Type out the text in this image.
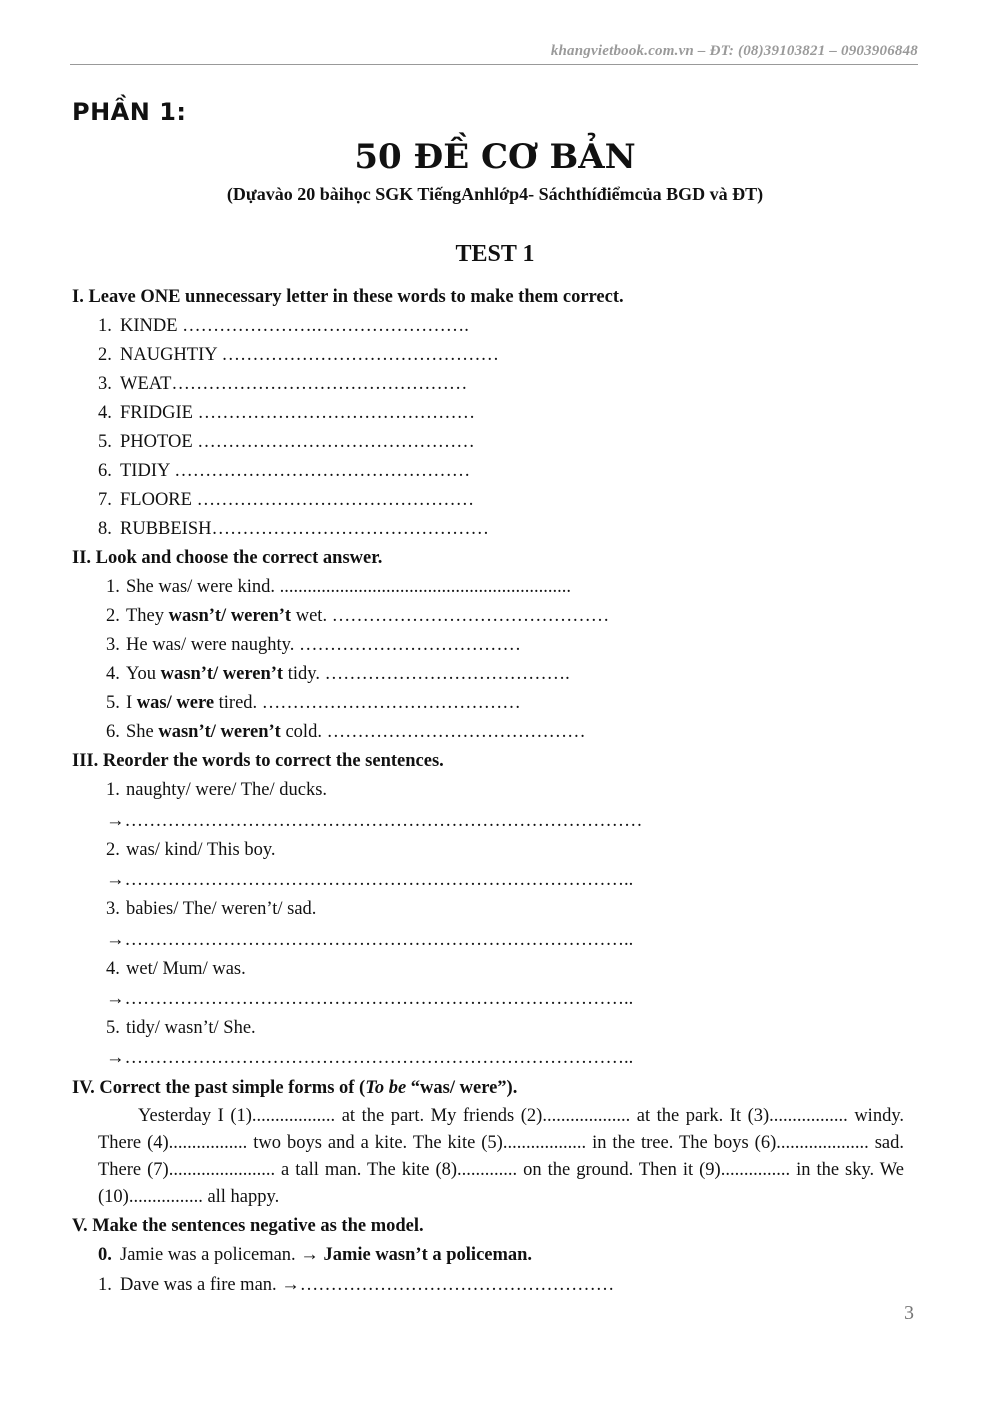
khangvietbook.com.vn – ĐT: (08)39103821 – 0903906848
PHẦN 1:
50 ĐỀ CƠ BẢN
(Dựavào 20 bàihọc SGK TiếngAnhlớp4- Sáchthíđiểmcủa BGD và ĐT)
TEST 1
I. Leave ONE unnecessary letter in these words to make them correct.
1. KINDE ………………….…………………….
2. NAUGHTIY ………………………………………
3. WEAT…………………………………………
4. FRIDGIE ………………………………………
5. PHOTOE ………………………………………
6. TIDIY …………………………………………
7. FLOORE ………………………………………
8. RUBBEISH………………………………………
II. Look and choose the correct answer.
1. She was/ were kind. ...............................................................
2. They wasn’t/ weren’t wet. ………………………………………
3. He was/ were naughty. ………………………………
4. You wasn’t/ weren’t tidy. ………………………………….
5. I was/ were tired. ……………………………………
6. She wasn’t/ weren’t cold. ……………………………………
III. Reorder the words to correct the sentences.
1. naughty/ were/ The/ ducks.
→…………………………………………………………………………
2. was/ kind/ This boy.
→………………………………………………………………………..
3. babies/ The/ weren’t/ sad.
→………………………………………………………………………..
4. wet/ Mum/ was.
→………………………………………………………………………..
5. tidy/ wasn’t/ She.
→………………………………………………………………………..
IV. Correct the past simple forms of (To be “was/ were”).
Yesterday I (1).................. at the part. My friends (2)................... at the park. It (3)................. windy. There (4)................. two boys and a kite. The kite (5).................. in the tree. The boys (6).................... sad. There (7)....................... a tall man. The kite (8)............. on the ground. Then it (9)............... in the sky. We (10)................ all happy.
V. Make the sentences negative as the model.
0. Jamie was a policeman. → Jamie wasn’t a policeman.
1. Dave was a fire man. →……………………………………………
3
